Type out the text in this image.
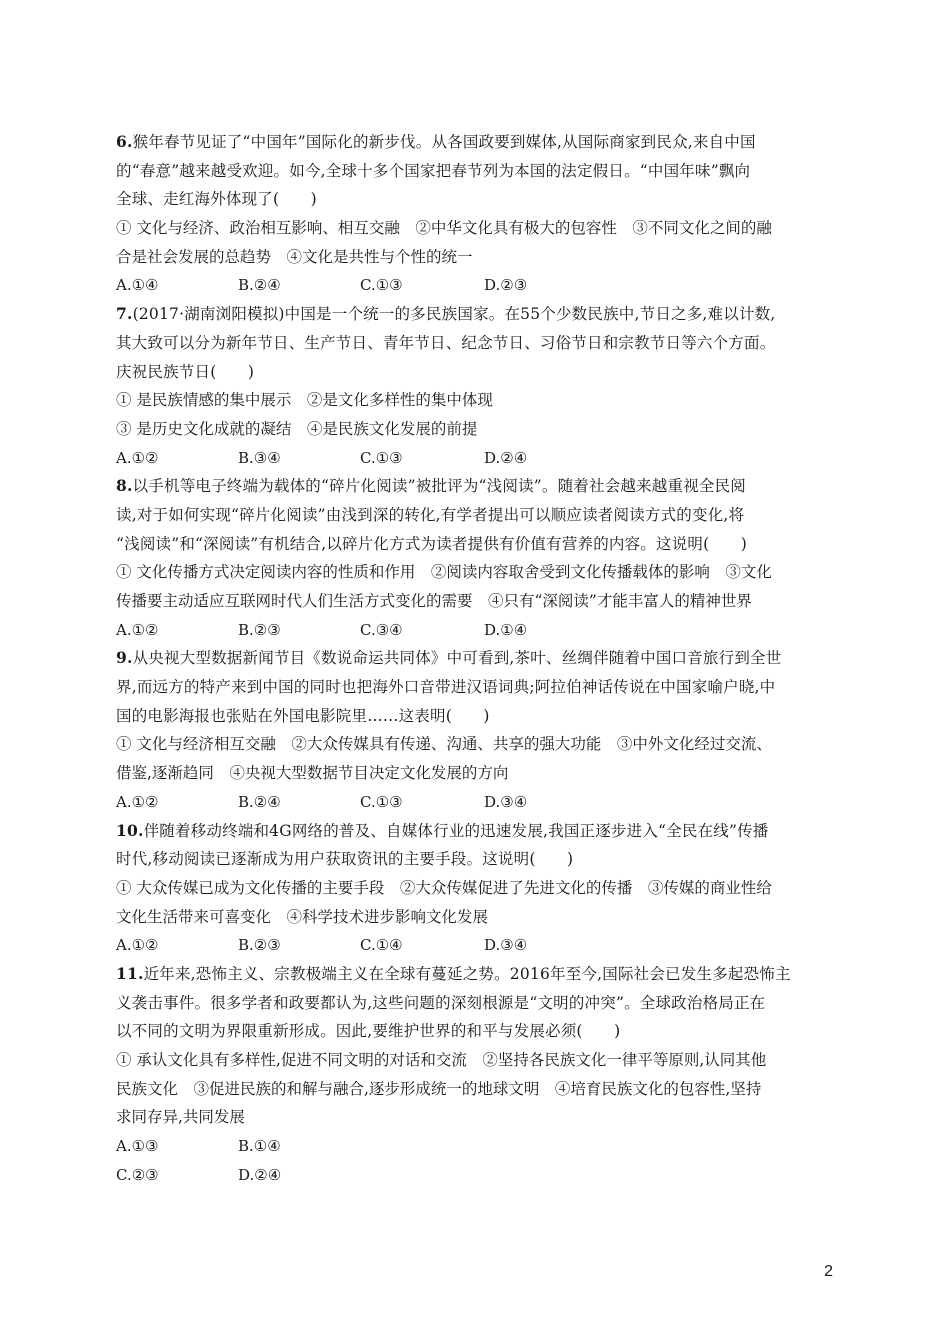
6.猴年春节见证了“中国年”国际化的新步伐。从各国政要到媒体,从国际商家到民众,来自中国
的“春意”越来越受欢迎。如今,全球十多个国家把春节列为本国的法定假日。“中国年味”飘向
全球、走红海外体现了(　　)
① 文化与经济、政治相互影响、相互交融　②中华文化具有极大的包容性　③不同文化之间的融
合是社会发展的总趋势　④文化是共性与个性的统一
A.①④	B.②④	C.①③	D.②③
7.(2017·湖南浏阳模拟)中国是一个统一的多民族国家。在55个少数民族中,节日之多,难以计数,
其大致可以分为新年节日、生产节日、青年节日、纪念节日、习俗节日和宗教节日等六个方面。
庆祝民族节日(　　)
① 是民族情感的集中展示　②是文化多样性的集中体现
③ 是历史文化成就的凝结　④是民族文化发展的前提
A.①②	B.③④	C.①③	D.②④
8.以手机等电子终端为载体的“碎片化阅读”被批评为“浅阅读”。随着社会越来越重视全民阅
读,对于如何实现“碎片化阅读”由浅到深的转化,有学者提出可以顺应读者阅读方式的变化,将
“浅阅读”和“深阅读”有机结合,以碎片化方式为读者提供有价值有营养的内容。这说明(　　)
① 文化传播方式决定阅读内容的性质和作用　②阅读内容取舍受到文化传播载体的影响　③文化
传播要主动适应互联网时代人们生活方式变化的需要　④只有“深阅读”才能丰富人的精神世界
A.①②	B.②③	C.③④	D.①④
9.从央视大型数据新闻节目《数说命运共同体》中可看到,茶叶、丝绸伴随着中国口音旅行到全世
界,而远方的特产来到中国的同时也把海外口音带进汉语词典;阿拉伯神话传说在中国家喻户晓,中
国的电影海报也张贴在外国电影院里……这表明(　　)
① 文化与经济相互交融　②大众传媒具有传递、沟通、共享的强大功能　③中外文化经过交流、
借鉴,逐渐趋同　④央视大型数据节目决定文化发展的方向
A.①②	B.②④	C.①③	D.③④
10.伴随着移动终端和4G网络的普及、自媒体行业的迅速发展,我国正逐步进入“全民在线”传播
时代,移动阅读已逐渐成为用户获取资讯的主要手段。这说明(　　)
① 大众传媒已成为文化传播的主要手段　②大众传媒促进了先进文化的传播　③传媒的商业性给
文化生活带来可喜变化　④科学技术进步影响文化发展
A.①②	B.②③	C.①④	D.③④
11.近年来,恐怖主义、宗教极端主义在全球有蔓延之势。2016年至今,国际社会已发生多起恐怖主
义袭击事件。很多学者和政要都认为,这些问题的深刻根源是“文明的冲突”。全球政治格局正在
以不同的文明为界限重新形成。因此,要维护世界的和平与发展必须(　　)
① 承认文化具有多样性,促进不同文明的对话和交流　②坚持各民族文化一律平等原则,认同其他
民族文化　③促进民族的和解与融合,逐步形成统一的地球文明　④培育民族文化的包容性,坚持
求同存异,共同发展
A.①③	B.①④
C.②③	D.②④
2
